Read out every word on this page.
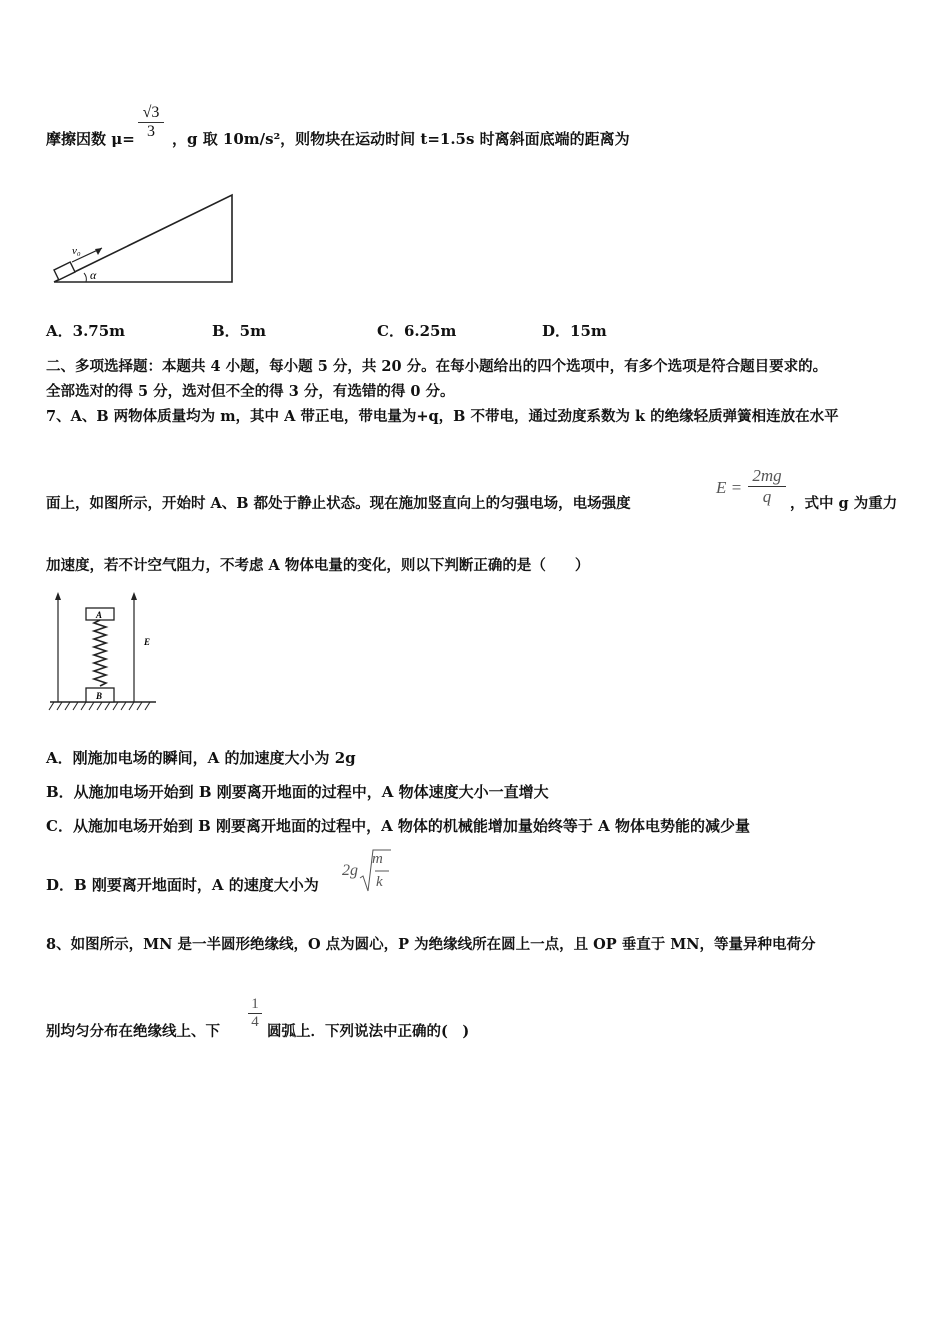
摩擦因数 μ=
√3
3	，g 取 10m/s²，则物块在运动时间 t=1.5s 时离斜面底端的距离为
v₀
α
A．3.75m	B．5m	C．6.25m	D．15m
二、多项选择题：本题共 4 小题，每小题 5 分，共 20 分。在每小题给出的四个选项中，有多个选项是符合题目要求的。
全部选对的得 5 分，选对但不全的得 3 分，有选错的得 0 分。
7、A、B 两物体质量均为 m，其中 A 带正电，带电量为+q，B 不带电，通过劲度系数为 k 的绝缘轻质弹簧相连放在水平
面上，如图所示，开始时 A、B 都处于静止状态。现在施加竖直向上的匀强电场，电场强度
E =
2mg
q	，式中 g 为重力
加速度，若不计空气阻力，不考虑 A 物体电量的变化，则以下判断正确的是（　　）
A
B
E
A．刚施加电场的瞬间，A 的加速度大小为 2g
B．从施加电场开始到 B 刚要离开地面的过程中，A 物体速度大小一直增大
C．从施加电场开始到 B 刚要离开地面的过程中，A 物体的机械能增加量始终等于 A 物体电势能的减少量
D．B 刚要离开地面时，A 的速度大小为
2g
m
k
8、如图所示，MN 是一半圆形绝缘线，O 点为圆心，P 为绝缘线所在圆上一点，且 OP 垂直于 MN，等量异种电荷分
别均匀分布在绝缘线上、下
1
4
圆弧上．下列说法中正确的(　)
